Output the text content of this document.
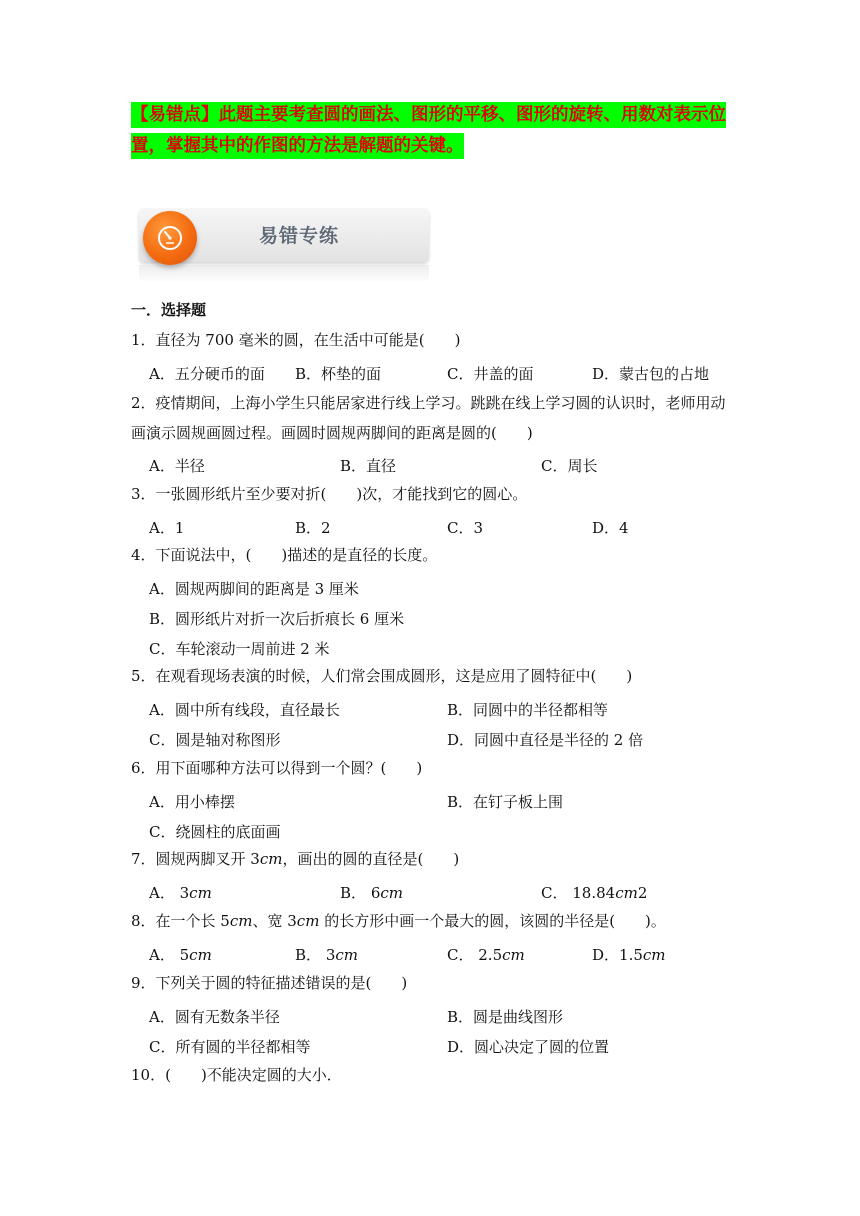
【易错点】此题主要考查圆的画法、图形的平移、图形的旋转、用数对表示位
置，掌握其中的作图的方法是解题的关键。
易错专练
一．选择题
1．直径为 700 毫米的圆，在生活中可能是(　　)
A．五分硬币的面 B．杯垫的面	C．井盖的面	D．蒙古包的占地
2．疫情期间，上海小学生只能居家进行线上学习。跳跳在线上学习圆的认识时，老师用动
画演示圆规画圆过程。画圆时圆规两脚间的距离是圆的(　　)
A．半径	B．直径	C．周长
3．一张圆形纸片至少要对折(　　)次，才能找到它的圆心。
A．1	B．2	C．3	D．4
4．下面说法中，(　　)描述的是直径的长度。
A．圆规两脚间的距离是 3 厘米
B．圆形纸片对折一次后折痕长 6 厘米
C．车轮滚动一周前进 2 米
5．在观看现场表演的时候，人们常会围成圆形，这是应用了圆特征中(　　)
A．圆中所有线段，直径最长	B．同圆中的半径都相等
C．圆是轴对称图形	D．同圆中直径是半径的 2 倍
6．用下面哪种方法可以得到一个圆？(　　)
A．用小棒摆	B．在钉子板上围
C．绕圆柱的底面画
7．圆规两脚叉开 3cm，画出的圆的直径是(　　)
A． 3cm	B． 6cm	C． 18.84cm2
8．在一个长 5cm、宽 3cm 的长方形中画一个最大的圆，该圆的半径是(　　)。
A． 5cm	B． 3cm	C． 2.5cm	D．1.5cm
9．下列关于圆的特征描述错误的是(　　)
A．圆有无数条半径	B．圆是曲线图形
C．所有圆的半径都相等	D．圆心决定了圆的位置
10．(　　)不能决定圆的大小．
